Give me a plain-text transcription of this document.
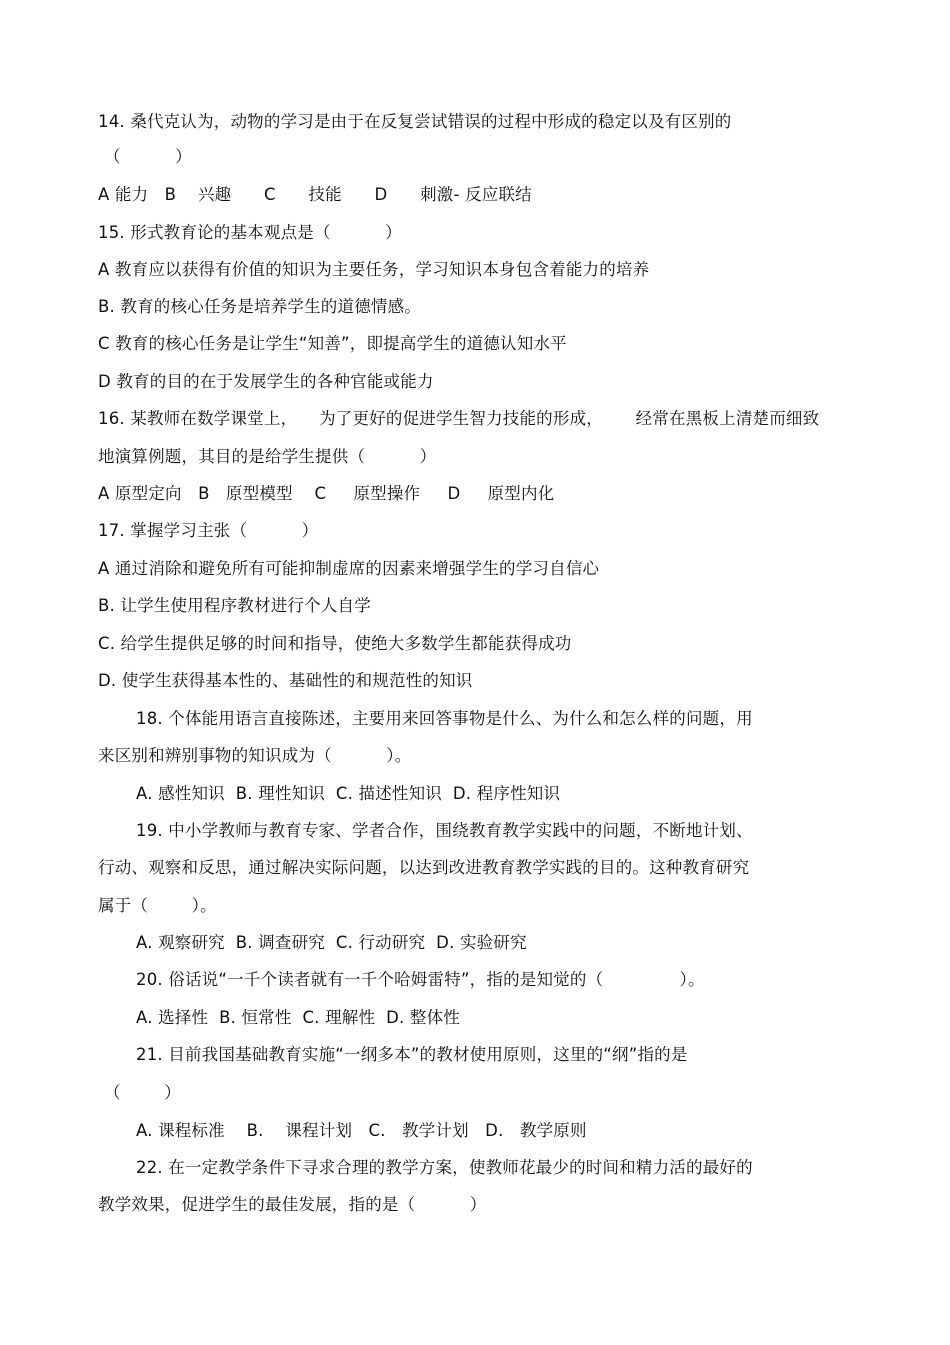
14. 桑代克认为，动物的学习是由于在反复尝试错误的过程中形成的稳定以及有区别的
（          ）
A 能力   B    兴趣      C      技能      D      刺激- 反应联结
15. 形式教育论的基本观点是（          ）
A 教育应以获得有价值的知识为主要任务，学习知识本身包含着能力的培养
B. 教育的核心任务是培养学生的道德情感。
C 教育的核心任务是让学生“知善”，即提高学生的道德认知水平
D 教育的目的在于发展学生的各种官能或能力
16. 某教师在数学课堂上，    为了更好的促进学生智力技能的形成，      经常在黑板上清楚而细致
地演算例题，其目的是给学生提供（          ）
A 原型定向   B   原型模型    C     原型操作     D     原型内化
17. 掌握学习主张（          ）
A 通过消除和避免所有可能抑制虚席的因素来增强学生的学习自信心
B. 让学生使用程序教材进行个人自学
C. 给学生提供足够的时间和指导，使绝大多数学生都能获得成功
D. 使学生获得基本性的、基础性的和规范性的知识
18. 个体能用语言直接陈述，主要用来回答事物是什么、为什么和怎么样的问题，用
来区别和辨别事物的知识成为（          ）。
A. 感性知识  B. 理性知识  C. 描述性知识  D. 程序性知识
19. 中小学教师与教育专家、学者合作，围绕教育教学实践中的问题，不断地计划、
行动、观察和反思，通过解决实际问题，以达到改进教育教学实践的目的。这种教育研究
属于（        ）。
A. 观察研究  B. 调查研究  C. 行动研究  D. 实验研究
20. 俗话说“一千个读者就有一千个哈姆雷特”，指的是知觉的（              ）。
A. 选择性  B. 恒常性  C. 理解性  D. 整体性
21. 目前我国基础教育实施“一纲多本”的教材使用原则，这里的“纲”指的是
（        ）
A. 课程标准    B.    课程计划   C.   教学计划   D.   教学原则
22. 在一定教学条件下寻求合理的教学方案，使教师花最少的时间和精力活的最好的
教学效果，促进学生的最佳发展，指的是（          ）
